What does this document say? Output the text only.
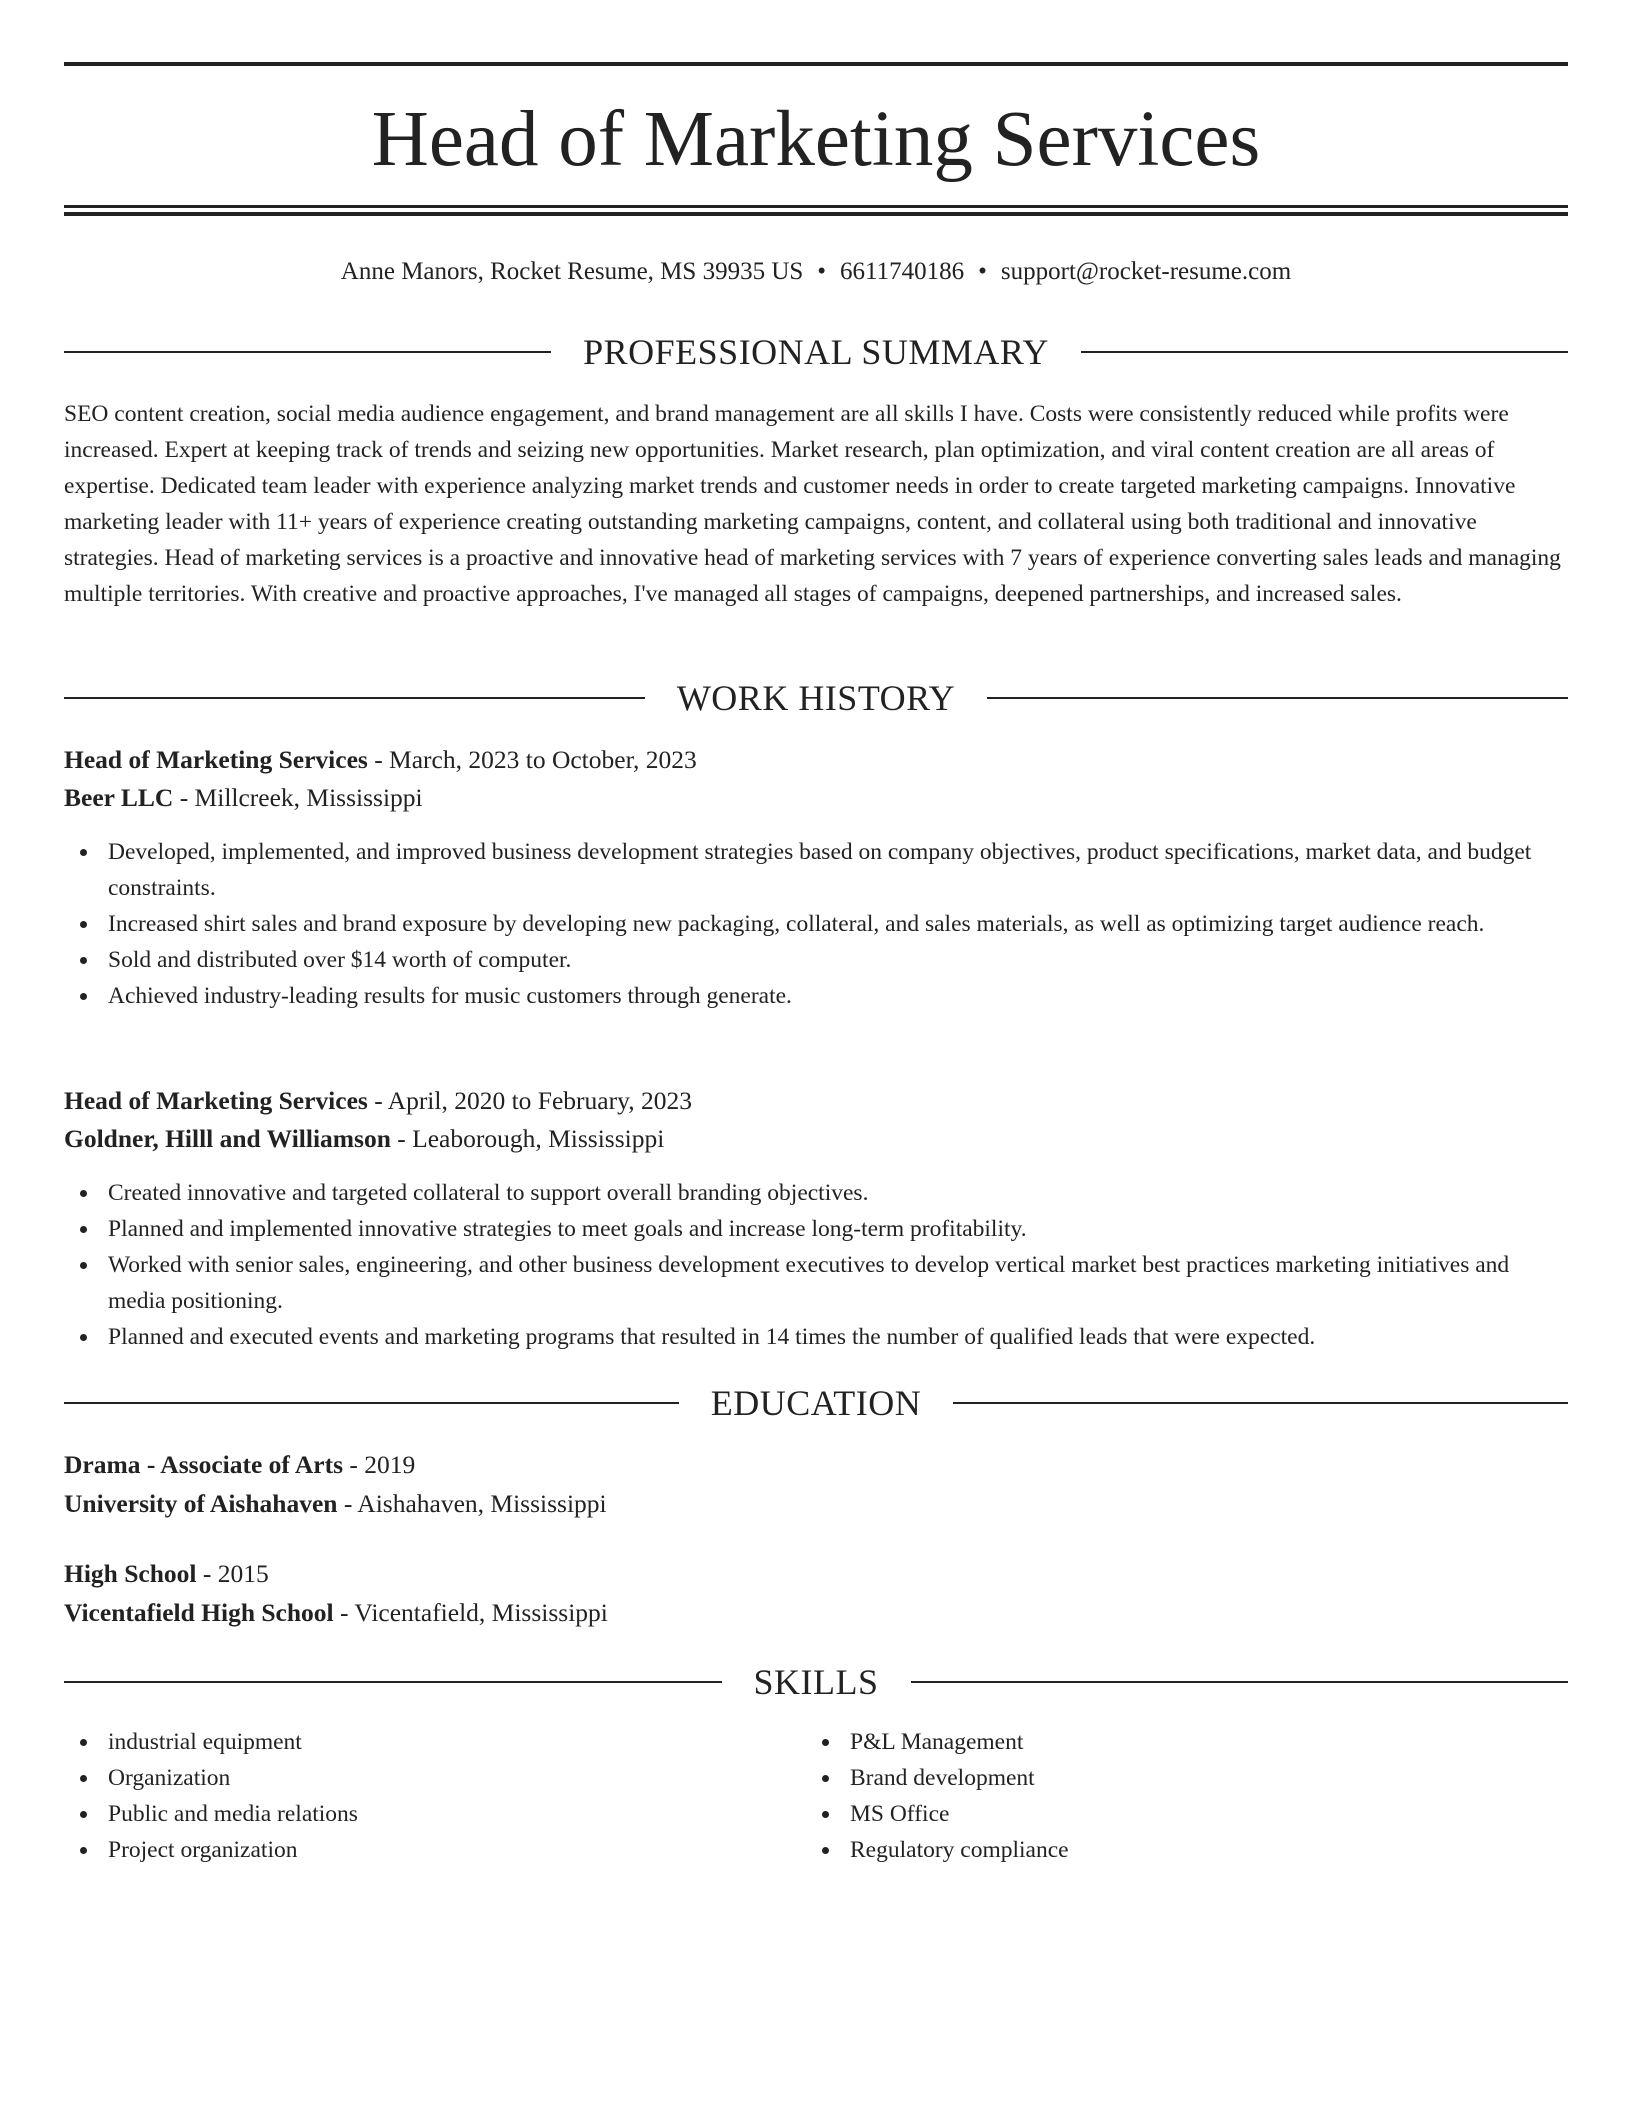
Head of Marketing Services
Anne Manors, Rocket Resume, MS 39935 US • 6611740186 • support@rocket-resume.com
PROFESSIONAL SUMMARY
SEO content creation, social media audience engagement, and brand management are all skills I have. Costs were consistently reduced while profits were increased. Expert at keeping track of trends and seizing new opportunities. Market research, plan optimization, and viral content creation are all areas of expertise. Dedicated team leader with experience analyzing market trends and customer needs in order to create targeted marketing campaigns. Innovative marketing leader with 11+ years of experience creating outstanding marketing campaigns, content, and collateral using both traditional and innovative strategies. Head of marketing services is a proactive and innovative head of marketing services with 7 years of experience converting sales leads and managing multiple territories. With creative and proactive approaches, I've managed all stages of campaigns, deepened partnerships, and increased sales.
WORK HISTORY
Head of Marketing Services - March, 2023 to October, 2023
Beer LLC - Millcreek, Mississippi
Developed, implemented, and improved business development strategies based on company objectives, product specifications, market data, and budget constraints.
Increased shirt sales and brand exposure by developing new packaging, collateral, and sales materials, as well as optimizing target audience reach.
Sold and distributed over $14 worth of computer.
Achieved industry-leading results for music customers through generate.
Head of Marketing Services - April, 2020 to February, 2023
Goldner, Hilll and Williamson - Leaborough, Mississippi
Created innovative and targeted collateral to support overall branding objectives.
Planned and implemented innovative strategies to meet goals and increase long-term profitability.
Worked with senior sales, engineering, and other business development executives to develop vertical market best practices marketing initiatives and media positioning.
Planned and executed events and marketing programs that resulted in 14 times the number of qualified leads that were expected.
EDUCATION
Drama - Associate of Arts - 2019
University of Aishahaven - Aishahaven, Mississippi
High School - 2015
Vicentafield High School - Vicentafield, Mississippi
SKILLS
industrial equipment
Organization
Public and media relations
Project organization
P&L Management
Brand development
MS Office
Regulatory compliance
